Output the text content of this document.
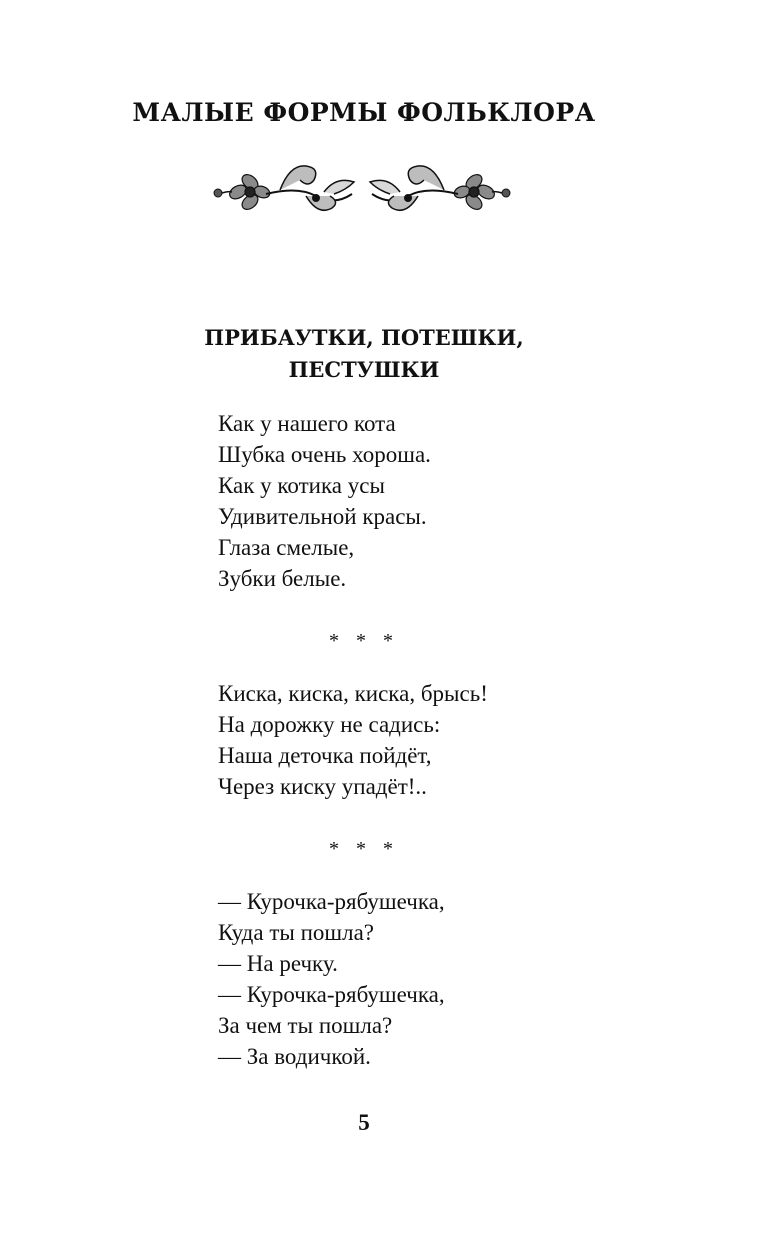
МАЛЫЕ ФОРМЫ ФОЛЬКЛОРА
ПРИБАУТКИ, ПОТЕШКИ,
ПЕСТУШКИ
Как у нашего кота
Шубка очень хороша.
Как у котика усы
Удивительной красы.
Глаза смелые,
Зубки белые.
* * *
Киска, киска, киска, брысь!
На дорожку не садись:
Наша деточка пойдёт,
Через киску упадёт!..
* * *
— Курочка-рябушечка,
Куда ты пошла?
— На речку.
— Курочка-рябушечка,
За чем ты пошла?
— За водичкой.
5
